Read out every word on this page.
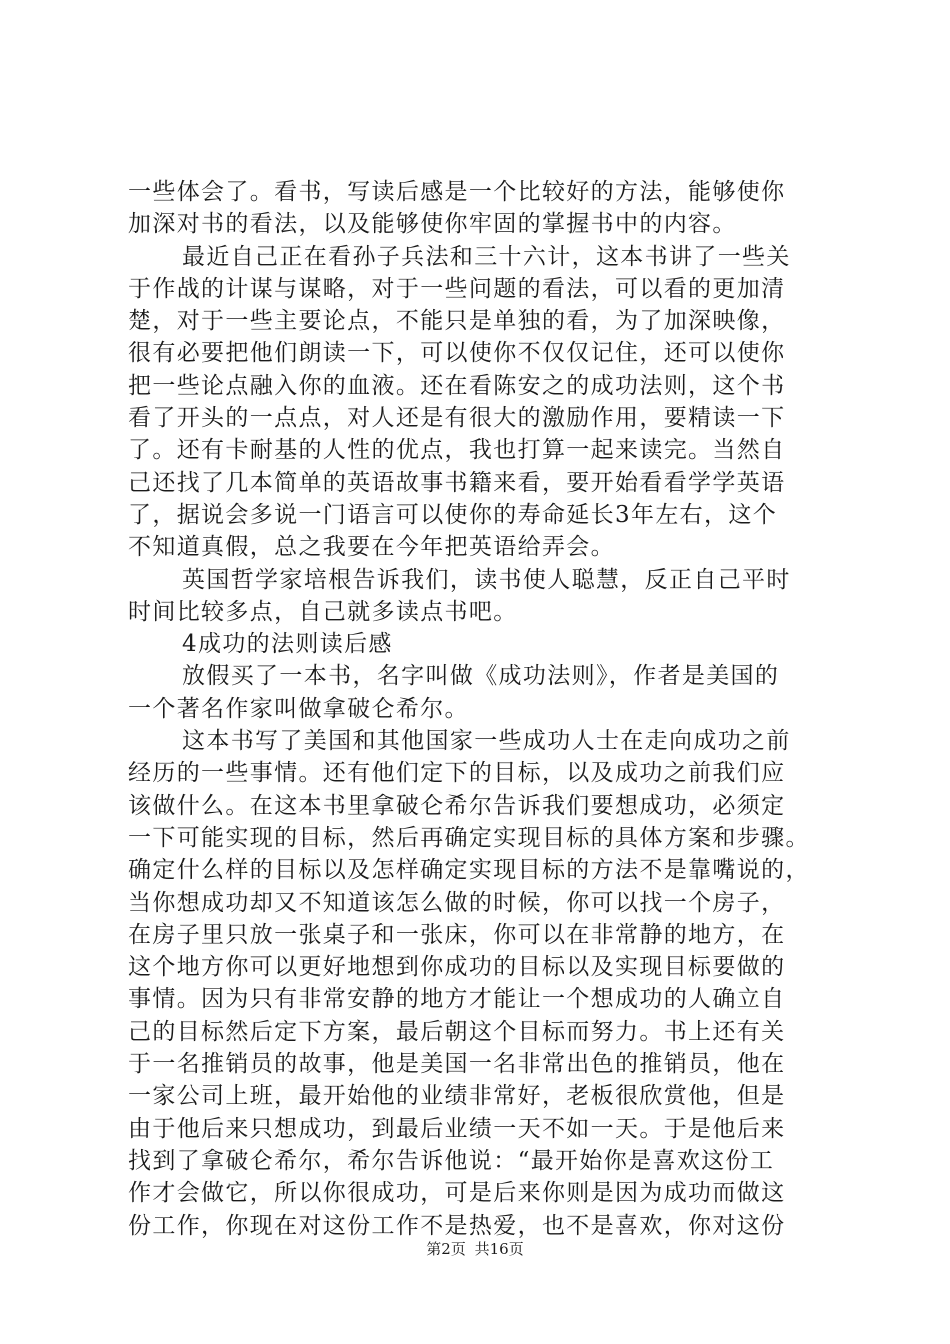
一些体会了。看书，写读后感是一个比较好的方法，能够使你
加深对书的看法，以及能够使你牢固的掌握书中的内容。
最近自己正在看孙子兵法和三十六计，这本书讲了一些关
于作战的计谋与谋略，对于一些问题的看法，可以看的更加清
楚，对于一些主要论点，不能只是单独的看，为了加深映像，
很有必要把他们朗读一下，可以使你不仅仅记住，还可以使你
把一些论点融入你的血液。还在看陈安之的成功法则，这个书
看了开头的一点点，对人还是有很大的激励作用，要精读一下
了。还有卡耐基的人性的优点，我也打算一起来读完。当然自
己还找了几本简单的英语故事书籍来看，要开始看看学学英语
了，据说会多说一门语言可以使你的寿命延长3年左右，这个
不知道真假，总之我要在今年把英语给弄会。
英国哲学家培根告诉我们，读书使人聪慧，反正自己平时
时间比较多点，自己就多读点书吧。
4成功的法则读后感
放假买了一本书，名字叫做《成功法则》，作者是美国的
一个著名作家叫做拿破仑希尔。
这本书写了美国和其他国家一些成功人士在走向成功之前
经历的一些事情。还有他们定下的目标，以及成功之前我们应
该做什么。在这本书里拿破仑希尔告诉我们要想成功，必须定
一下可能实现的目标，然后再确定实现目标的具体方案和步骤。
确定什么样的目标以及怎样确定实现目标的方法不是靠嘴说的，
当你想成功却又不知道该怎么做的时候，你可以找一个房子，
在房子里只放一张桌子和一张床，你可以在非常静的地方，在
这个地方你可以更好地想到你成功的目标以及实现目标要做的
事情。因为只有非常安静的地方才能让一个想成功的人确立自
己的目标然后定下方案，最后朝这个目标而努力。书上还有关
于一名推销员的故事，他是美国一名非常出色的推销员，他在
一家公司上班，最开始他的业绩非常好，老板很欣赏他，但是
由于他后来只想成功，到最后业绩一天不如一天。于是他后来
找到了拿破仑希尔，希尔告诉他说：“最开始你是喜欢这份工
作才会做它，所以你很成功，可是后来你则是因为成功而做这
份工作，你现在对这份工作不是热爱，也不是喜欢，你对这份
第2页 共16页
